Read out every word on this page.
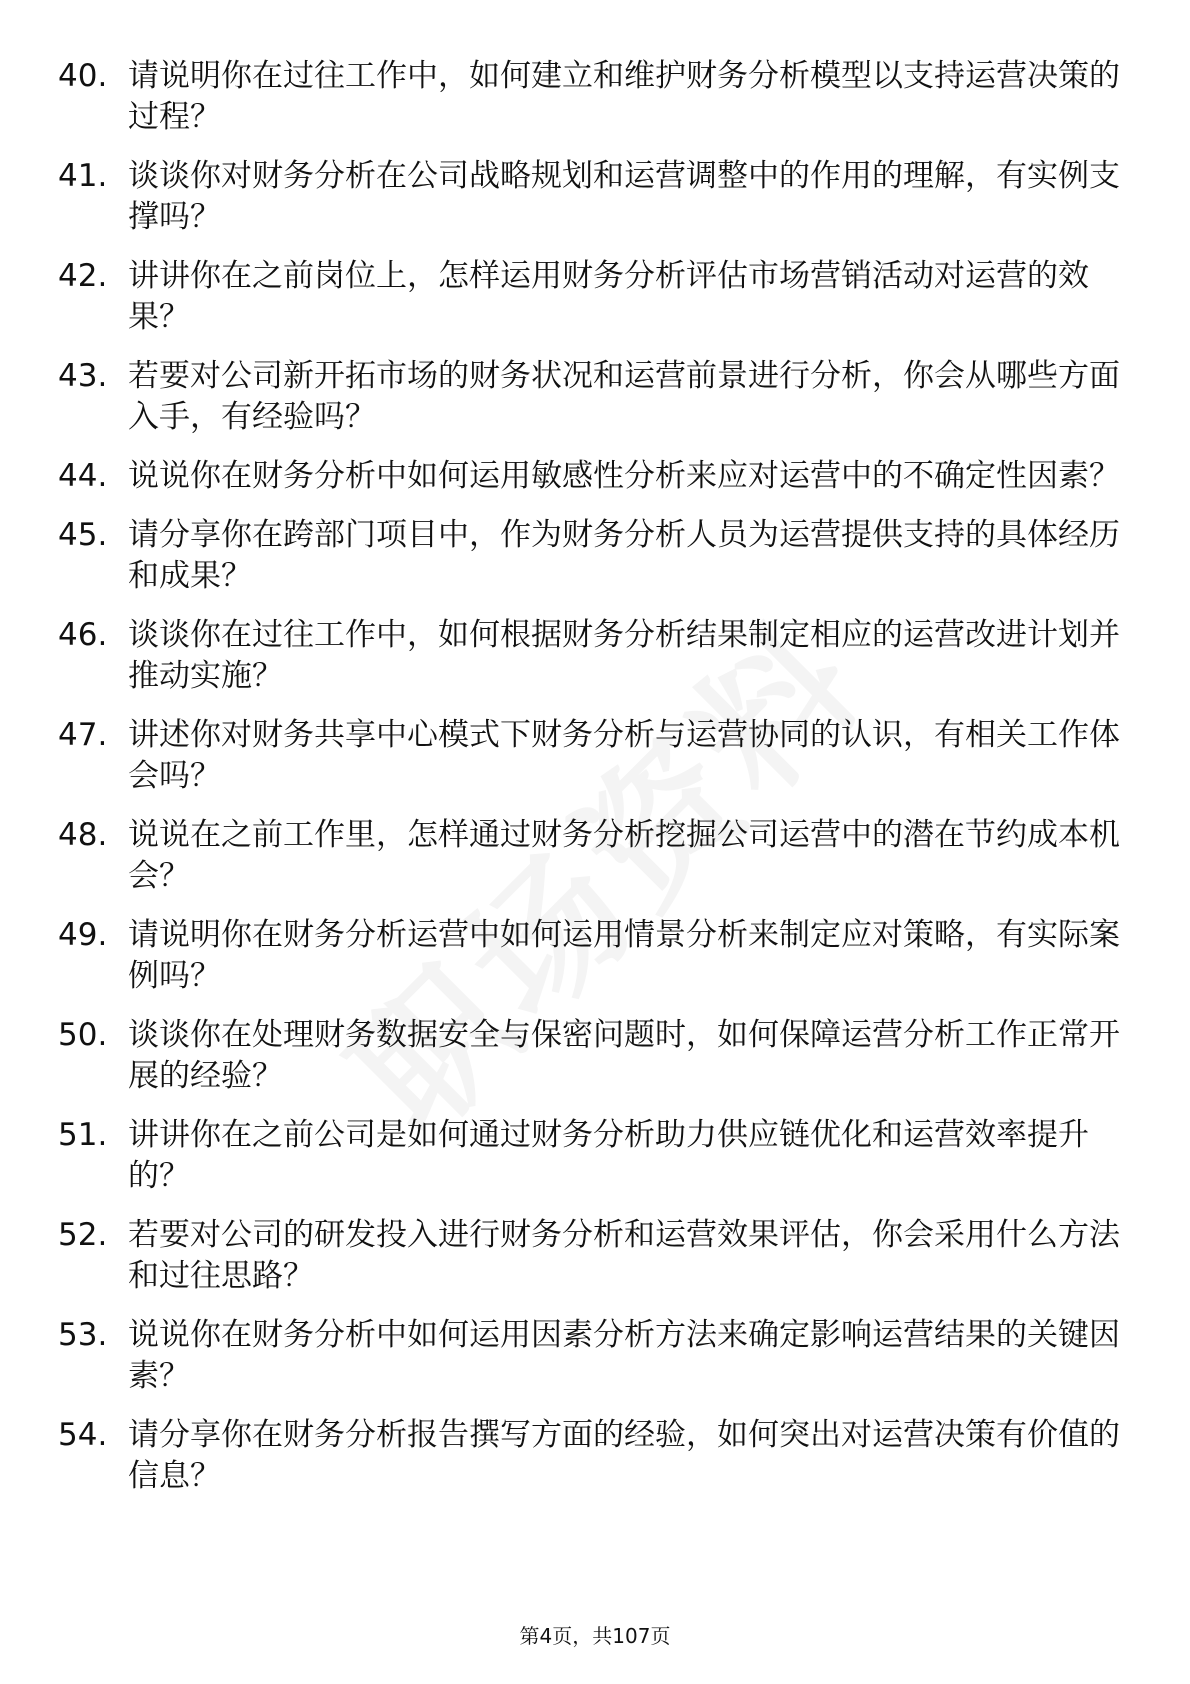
40. 请说明你在过往工作中，如何建立和维护财务分析模型以支持运营决策的过程？
41. 谈谈你对财务分析在公司战略规划和运营调整中的作用的理解，有实例支撑吗？
42. 讲讲你在之前岗位上，怎样运用财务分析评估市场营销活动对运营的效果？
43. 若要对公司新开拓市场的财务状况和运营前景进行分析，你会从哪些方面入手，有经验吗？
44. 说说你在财务分析中如何运用敏感性分析来应对运营中的不确定性因素？
45. 请分享你在跨部门项目中，作为财务分析人员为运营提供支持的具体经历和成果？
46. 谈谈你在过往工作中，如何根据财务分析结果制定相应的运营改进计划并推动实施？
47. 讲述你对财务共享中心模式下财务分析与运营协同的认识，有相关工作体会吗？
48. 说说在之前工作里，怎样通过财务分析挖掘公司运营中的潜在节约成本机会？
49. 请说明你在财务分析运营中如何运用情景分析来制定应对策略，有实际案例吗？
50. 谈谈你在处理财务数据安全与保密问题时，如何保障运营分析工作正常开展的经验？
51. 讲讲你在之前公司是如何通过财务分析助力供应链优化和运营效率提升的？
52. 若要对公司的研发投入进行财务分析和运营效果评估，你会采用什么方法和过往思路？
53. 说说你在财务分析中如何运用因素分析方法来确定影响运营结果的关键因素？
54. 请分享你在财务分析报告撰写方面的经验，如何突出对运营决策有价值的信息？
第4页，共107页
